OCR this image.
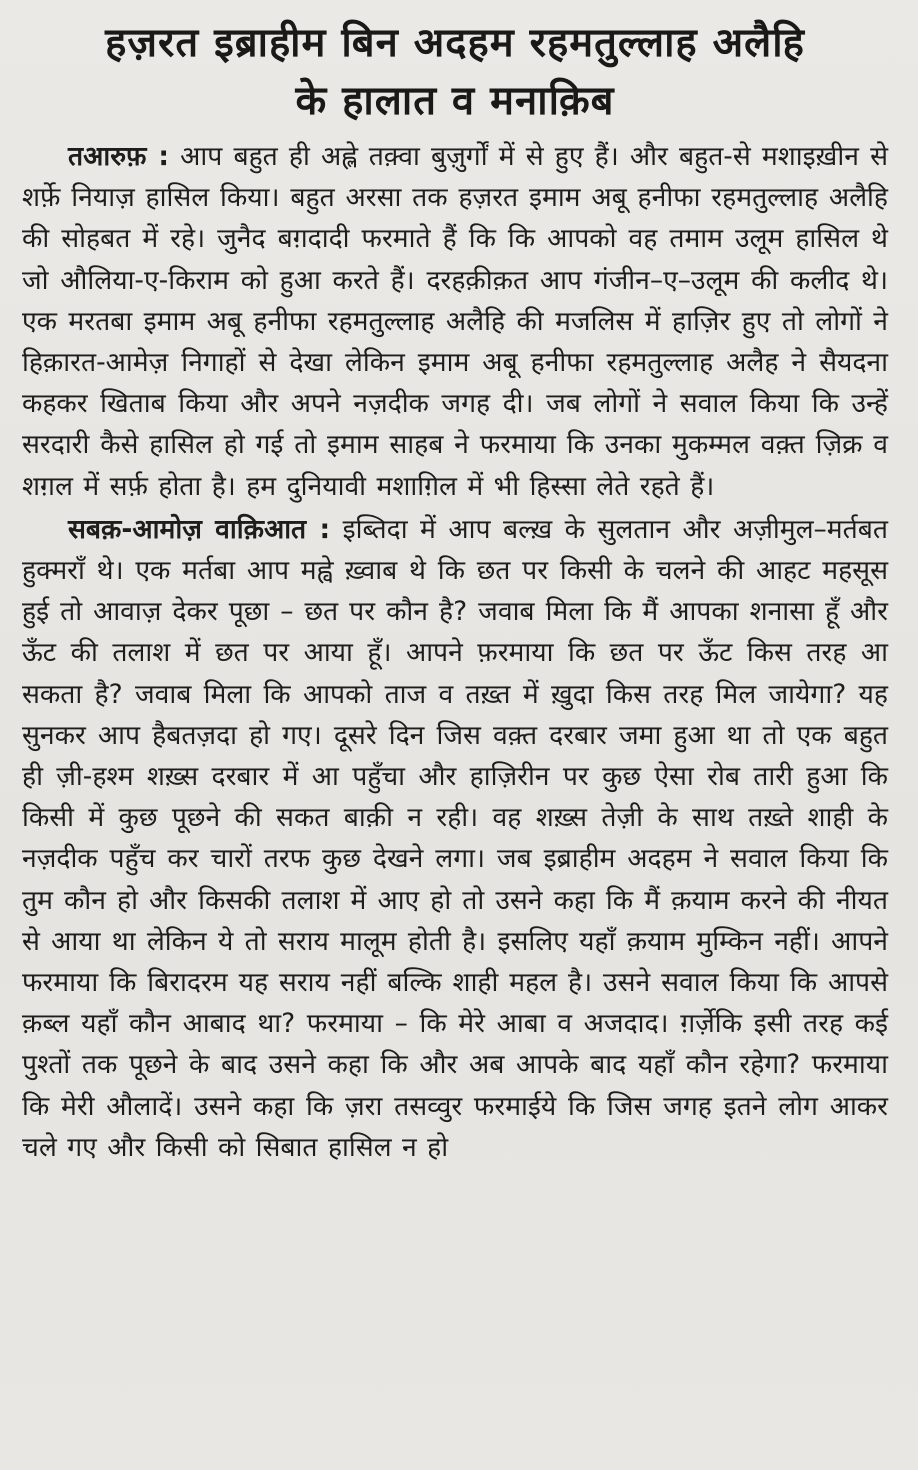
हज़रत इब्राहीम बिन अदहम रहमतुल्लाह अलैहि
के हालात व मनाक़िब

तआरुफ़ : आप बहुत ही अह्ले तक़्वा बुज़ुर्गों में से हुए हैं। और बहुत-से मशाइख़ीन से शर्फ़े नियाज़ हासिल किया। बहुत अरसा तक हज़रत इमाम अबू हनीफा रहमतुल्लाह अलैहि की सोहबत में रहे। जुनैद बग़दादी फरमाते हैं कि कि आपको वह तमाम उलूम हासिल थे जो औलिया-ए-किराम को हुआ करते हैं। दरहक़ीक़त आप गंजीन–ए–उलूम की कलीद थे। एक मरतबा इमाम अबू हनीफा रहमतुल्लाह अलैहि की मजलिस में हाज़िर हुए तो लोगों ने हिक़ारत-आमेज़ निगाहों से देखा लेकिन इमाम अबू हनीफा रहमतुल्लाह अलैह ने सैयदना कहकर खिताब किया और अपने नज़दीक जगह दी। जब लोगों ने सवाल किया कि उन्हें सरदारी कैसे हासिल हो गई तो इमाम साहब ने फरमाया कि उनका मुकम्मल वक़्त ज़िक्र व शग़ल में सर्फ़ होता है। हम दुनियावी मशाग़िल में भी हिस्सा लेते रहते हैं।

सबक़-आमोज़ वाक़िआत : इब्तिदा में आप बल्ख़ के सुलतान और अज़ीमुल–मर्तबत हुक्मराँ थे। एक मर्तबा आप मह्वे ख़्वाब थे कि छत पर किसी के चलने की आहट महसूस हुई तो आवाज़ देकर पूछा – छत पर कौन है? जवाब मिला कि मैं आपका शनासा हूँ और ऊँट की तलाश में छत पर आया हूँ। आपने फ़रमाया कि छत पर ऊँट किस तरह आ सकता है? जवाब मिला कि आपको ताज व तख़्त में ख़ुदा किस तरह मिल जायेगा? यह सुनकर आप हैबतज़दा हो गए। दूसरे दिन जिस वक़्त दरबार जमा हुआ था तो एक बहुत ही ज़ी-हश्म शख़्स दरबार में आ पहुँचा और हाज़िरीन पर कुछ ऐसा रोब तारी हुआ कि किसी में कुछ पूछने की सकत बाक़ी न रही। वह शख़्स तेज़ी के साथ तख़्ते शाही के नज़दीक पहुँच कर चारों तरफ कुछ देखने लगा। जब इब्राहीम अदहम ने सवाल किया कि तुम कौन हो और किसकी तलाश में आए हो तो उसने कहा कि मैं क़याम करने की नीयत से आया था लेकिन ये तो सराय मालूम होती है। इसलिए यहाँ क़याम मुम्किन नहीं। आपने फरमाया कि बिरादरम यह सराय नहीं बल्कि शाही महल है। उसने सवाल किया कि आपसे क़ब्ल यहाँ कौन आबाद था? फरमाया – कि मेरे आबा व अजदाद। ग़र्ज़ेकि इसी तरह कई पुश्तों तक पूछने के बाद उसने कहा कि और अब आपके बाद यहाँ कौन रहेगा? फरमाया कि मेरी औलादें। उसने कहा कि ज़रा तसव्वुर फरमाईये कि जिस जगह इतने लोग आकर चले गए और किसी को सिबात हासिल न हो
